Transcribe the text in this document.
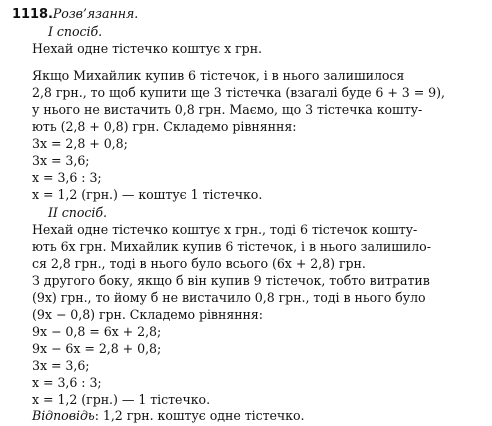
1118.Розв’язання.
I спосіб.
Нехай одне тістечко коштує x грн.
Якщо Михайлик купив 6 тістечок, і в нього залишилося
2,8 грн., то щоб купити ще 3 тістечка (взагалі буде 6 + 3 = 9),
у нього не вистачить 0,8 грн. Маємо, що 3 тістечка кошту-
ють (2,8 + 0,8) грн. Складемо рівняння:
3x = 2,8 + 0,8;
3x = 3,6;
x = 3,6 : 3;
x = 1,2 (грн.) — коштує 1 тістечко.
II спосіб.
Нехай одне тістечко коштує x грн., тоді 6 тістечок кошту-
ють 6x грн. Михайлик купив 6 тістечок, і в нього залишило-
ся 2,8 грн., тоді в нього було всього (6x + 2,8) грн.
З другого боку, якщо б він купив 9 тістечок, тобто витратив
(9x) грн., то йому б не вистачило 0,8 грн., тоді в нього було
(9x − 0,8) грн. Складемо рівняння:
9x − 0,8 = 6x + 2,8;
9x − 6x = 2,8 + 0,8;
3x = 3,6;
x = 3,6 : 3;
x = 1,2 (грн.) — 1 тістечко.
Відповідь: 1,2 грн. коштує одне тістечко.
